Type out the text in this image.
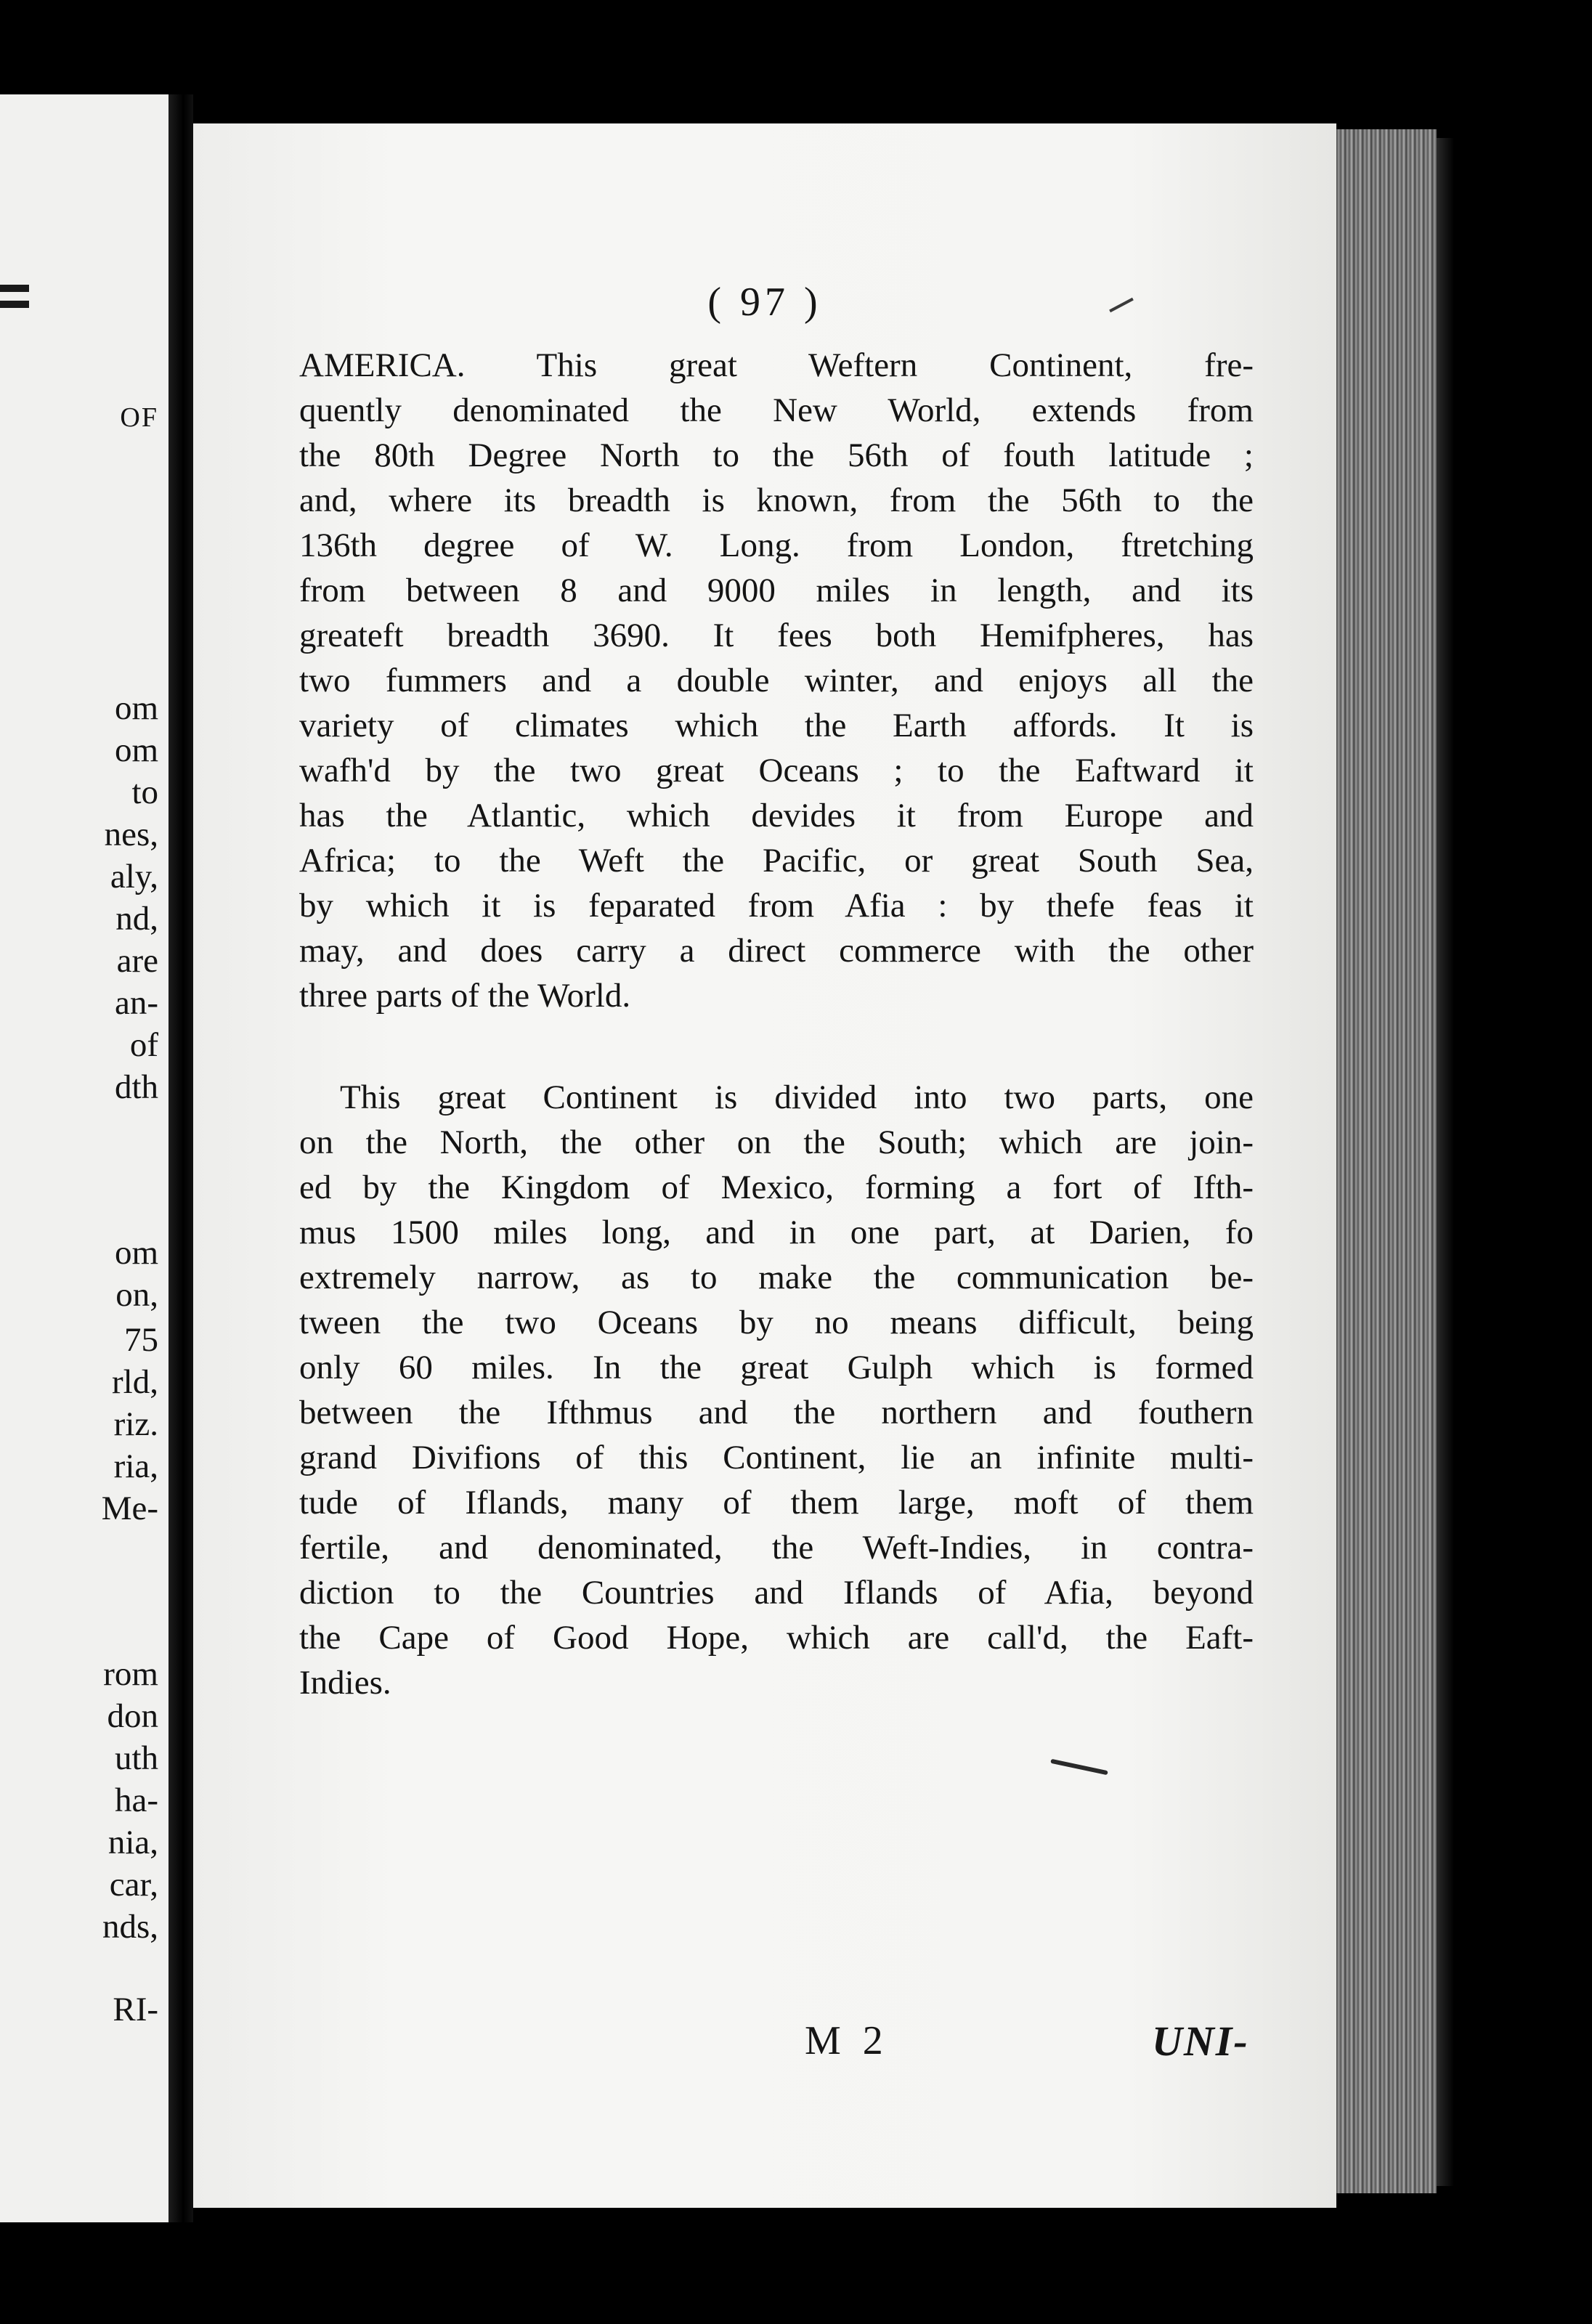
OF

om

om

to

nes,

aly,

nd,

are

an-

of

dth

om

on,

75

rld,

riz.

ria,

Me-

rom

don

uth

ha-

nia,

car,

nds,

RI-

( 97 )

AMERICA. This great Weftern Continent, fre-
quently denominated the New World, extends from
the 80th Degree North to the 56th of fouth latitude ;
and, where its breadth is known, from the 56th to the
136th degree of W. Long. from London, ftretching
from between 8 and 9000 miles in length, and its
greateft breadth 3690. It fees both Hemifpheres, has
two fummers and a double winter, and enjoys all the
variety of climates which the Earth affords. It is
wafh'd by the two great Oceans ; to the Eaftward it
has the Atlantic, which devides it from Europe and
Africa; to the Weft the Pacific, or great South Sea,
by which it is feparated from Afia : by thefe feas it
may, and does carry a direct commerce with the other
three parts of the World.
This great Continent is divided into two parts, one
on the North, the other on the South; which are join-
ed by the Kingdom of Mexico, forming a fort of Ifth-
mus 1500 miles long, and in one part, at Darien, fo
extremely narrow, as to make the communication be-
tween the two Oceans by no means difficult, being
only 60 miles. In the great Gulph which is formed
between the Ifthmus and the northern and fouthern
grand Divifions of this Continent, lie an infinite multi-
tude of Iflands, many of them large, moft of them
fertile, and denominated, the Weft-Indies, in contra-
diction to the Countries and Iflands of Afia, beyond
the Cape of Good Hope, which are call'd, the Eaft-
Indies.

M 2	UNI-
